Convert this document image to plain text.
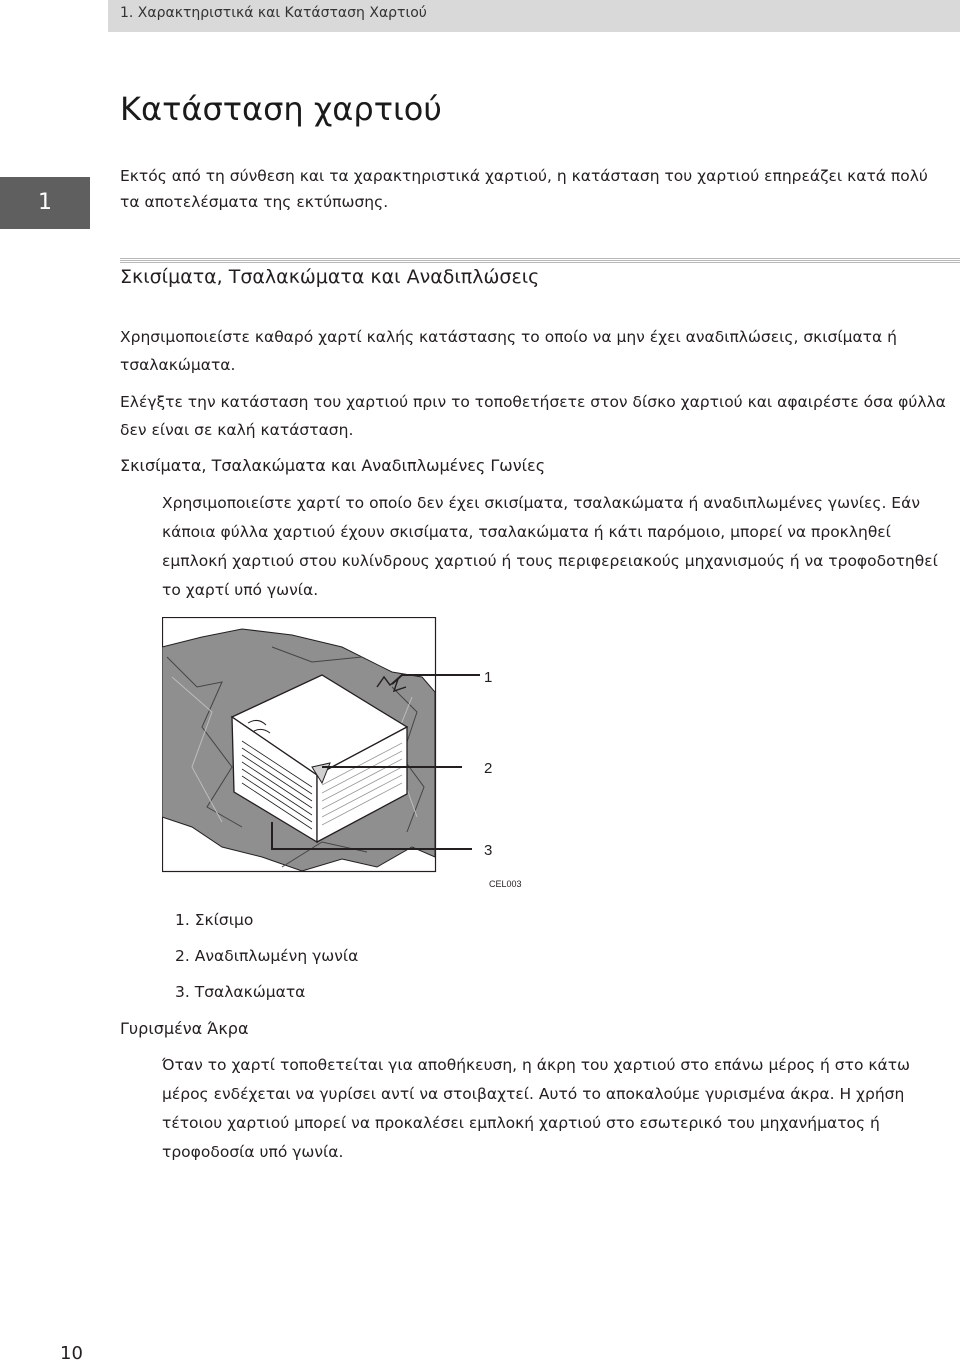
1. Χαρακτηριστικά και Κατάσταση Χαρτιού
1
Κατάσταση χαρτιού

Εκτός από τη σύνθεση και τα χαρακτηριστικά χαρτιού, η κατάσταση του χαρτιού επηρεάζει κατά πολύ τα αποτελέσματα της εκτύπωσης.

Σκισίματα, Τσαλακώματα και Αναδιπλώσεις

Χρησιμοποιείστε καθαρό χαρτί καλής κατάστασης το οποίο να μην έχει αναδιπλώσεις, σκισίματα ή τσαλακώματα.

Ελέγξτε την κατάσταση του χαρτιού πριν το τοποθετήσετε στον δίσκο χαρτιού και αφαιρέστε όσα φύλλα δεν είναι σε καλή κατάσταση.

Σκισίματα, Τσαλακώματα και Αναδιπλωμένες Γωνίες

Χρησιμοποιείστε χαρτί το οποίο δεν έχει σκισίματα, τσαλακώματα ή αναδιπλωμένες γωνίες. Εάν κάποια φύλλα χαρτιού έχουν σκισίματα, τσαλακώματα ή κάτι παρόμοιο, μπορεί να προκληθεί εμπλοκή χαρτιού στου κυλίνδρους χαρτιού ή τους περιφερειακούς μηχανισμούς ή να τροφοδοτηθεί το χαρτί υπό γωνία.

1
2
3
CEL003
1. Σκίσιμο
2. Αναδιπλωμένη γωνία
3. Τσαλακώματα
Γυρισμένα Άκρα

Όταν το χαρτί τοποθετείται για αποθήκευση, η άκρη του χαρτιού στο επάνω μέρος ή στο κάτω μέρος ενδέχεται να γυρίσει αντί να στοιβαχτεί. Αυτό το αποκαλούμε γυρισμένα άκρα. Η χρήση τέτοιου χαρτιού μπορεί να προκαλέσει εμπλοκή χαρτιού στο εσωτερικό του μηχανήματος ή τροφοδοσία υπό γωνία.

10
